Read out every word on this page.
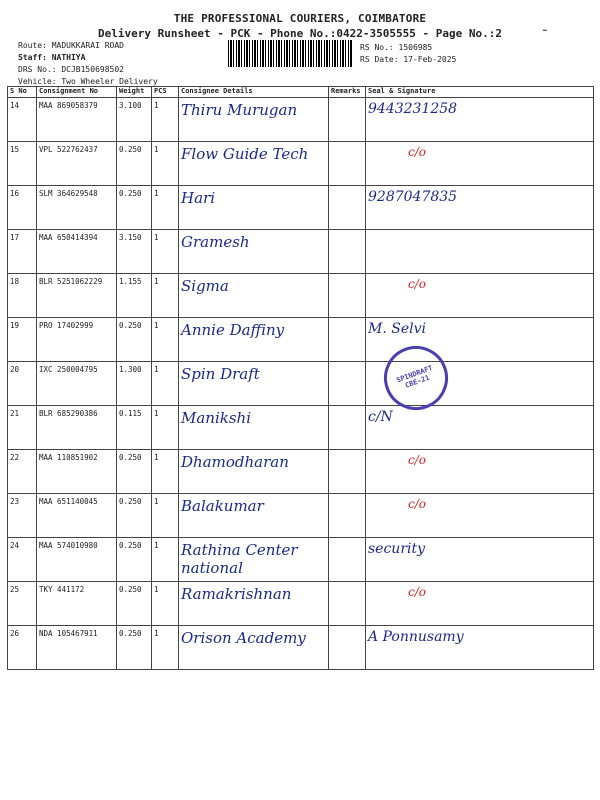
THE PROFESSIONAL COURIERS, COIMBATORE
Delivery Runsheet - PCK - Phone No.:0422-3505555 - Page No.:2
Route: MADUKKARAI ROAD
Staff: NATHIYA
DRS No.: DCJB150698502
Vehicle: Two Wheeler Delivery
RS No.: 1506985
RS Date: 17-Feb-2025
-
S No	Consignment No	Weight	PCS	Consignee Details	Remarks	Seal & Signature
14	MAA 869058379	3.100	1	Thiru Murugan		9443231258

15	VPL 522762437	0.250	1	Flow Guide Tech		c/o

16	SLM 364629548	0.250	1	Hari		9287047835

17	MAA 650414394	3.150	1	Gramesh		

18	BLR 5251062229	1.155	1	Sigma		c/o

19	PRO 17402999	0.250	1	Annie Daffiny		M. Selvi

20	IXC 250004795	1.300	1	Spin Draft		

21	BLR 685290386	0.115	1	Manikshi		c/N

22	MAA 110851902	0.250	1	Dhamodharan		c/o

23	MAA 651140045	0.250	1	Balakumar		c/o

24	MAA 574010980	0.250	1	Rathina Center national		security

25	TKY 441172	0.250	1	Ramakrishnan		c/o

26	NDA 105467911	0.250	1	Orison Academy		A Ponnusamy
SPINDRAFT CBE-21
